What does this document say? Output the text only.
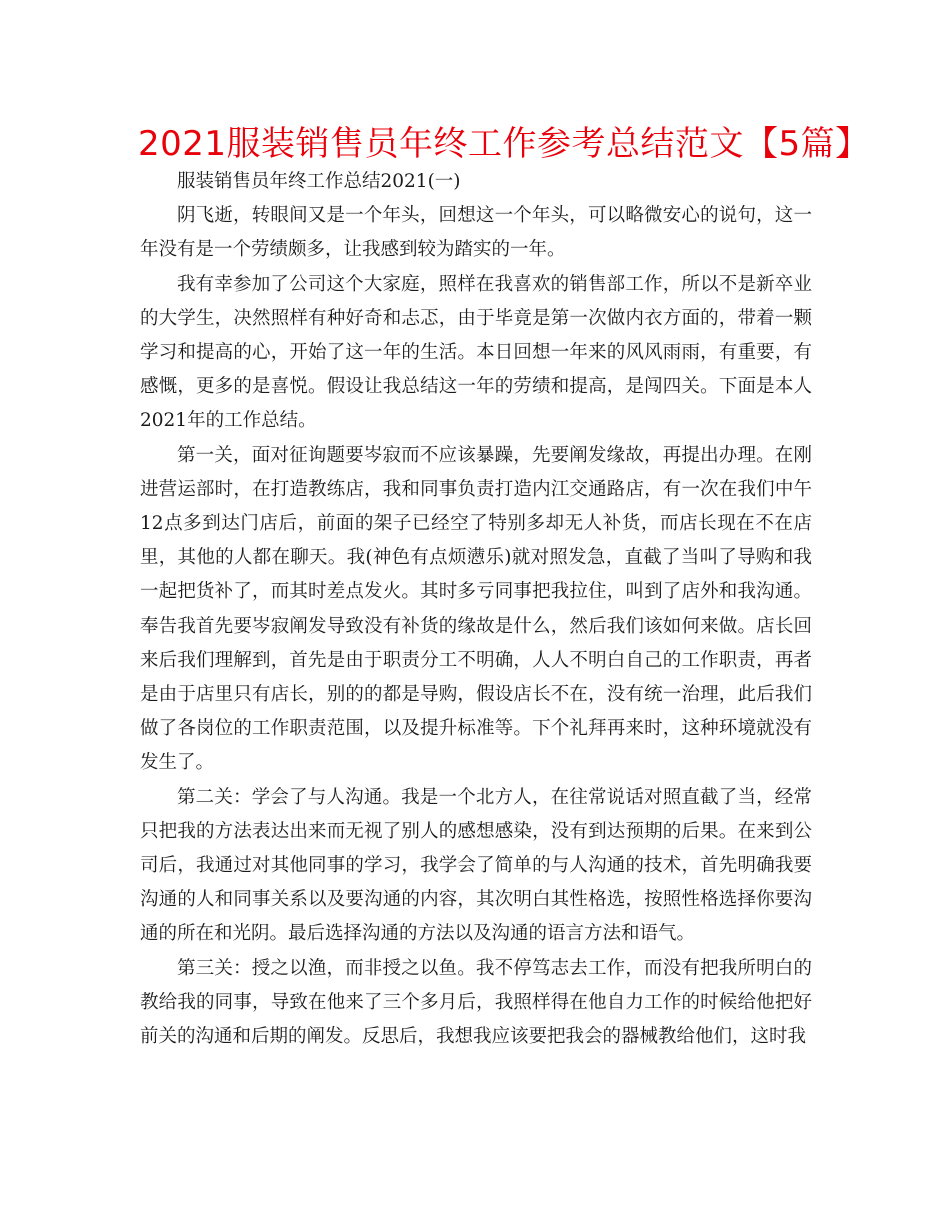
2021服装销售员年终工作参考总结范文【5篇】

服装销售员年终工作总结2021(一)

阴飞逝，转眼间又是一个年头，回想这一个年头，可以略微安心的说句，这一年没有是一个劳绩颇多，让我感到较为踏实的一年。

我有幸参加了公司这个大家庭，照样在我喜欢的销售部工作，所以不是新卒业的大学生，决然照样有种好奇和忐忑，由于毕竟是第一次做内衣方面的，带着一颗学习和提高的心，开始了这一年的生活。本日回想一年来的风风雨雨，有重要，有感慨，更多的是喜悦。假设让我总结这一年的劳绩和提高，是闯四关。下面是本人2021年的工作总结。

第一关，面对征询题要岑寂而不应该暴躁，先要阐发缘故，再提出办理。在刚进营运部时，在打造教练店，我和同事负责打造内江交通路店，有一次在我们中午12点多到达门店后，前面的架子已经空了特别多却无人补货，而店长现在不在店里，其他的人都在聊天。我(神色有点烦懑乐)就对照发急，直截了当叫了导购和我一起把货补了，而其时差点发火。其时多亏同事把我拉住，叫到了店外和我沟通。奉告我首先要岑寂阐发导致没有补货的缘故是什么，然后我们该如何来做。店长回来后我们理解到，首先是由于职责分工不明确，人人不明白自己的工作职责，再者是由于店里只有店长，别的的都是导购，假设店长不在，没有统一治理，此后我们做了各岗位的工作职责范围，以及提升标准等。下个礼拜再来时，这种环境就没有发生了。

第二关：学会了与人沟通。我是一个北方人，在往常说话对照直截了当，经常只把我的方法表达出来而无视了别人的感想感染，没有到达预期的后果。在来到公司后，我通过对其他同事的学习，我学会了简单的与人沟通的技术，首先明确我要沟通的人和同事关系以及要沟通的内容，其次明白其性格选，按照性格选择你要沟通的所在和光阴。最后选择沟通的方法以及沟通的语言方法和语气。

第三关：授之以渔，而非授之以鱼。我不停笃志去工作，而没有把我所明白的教给我的同事，导致在他来了三个多月后，我照样得在他自力工作的时候给他把好前关的沟通和后期的阐发。反思后，我想我应该要把我会的器械教给他们，这时我
